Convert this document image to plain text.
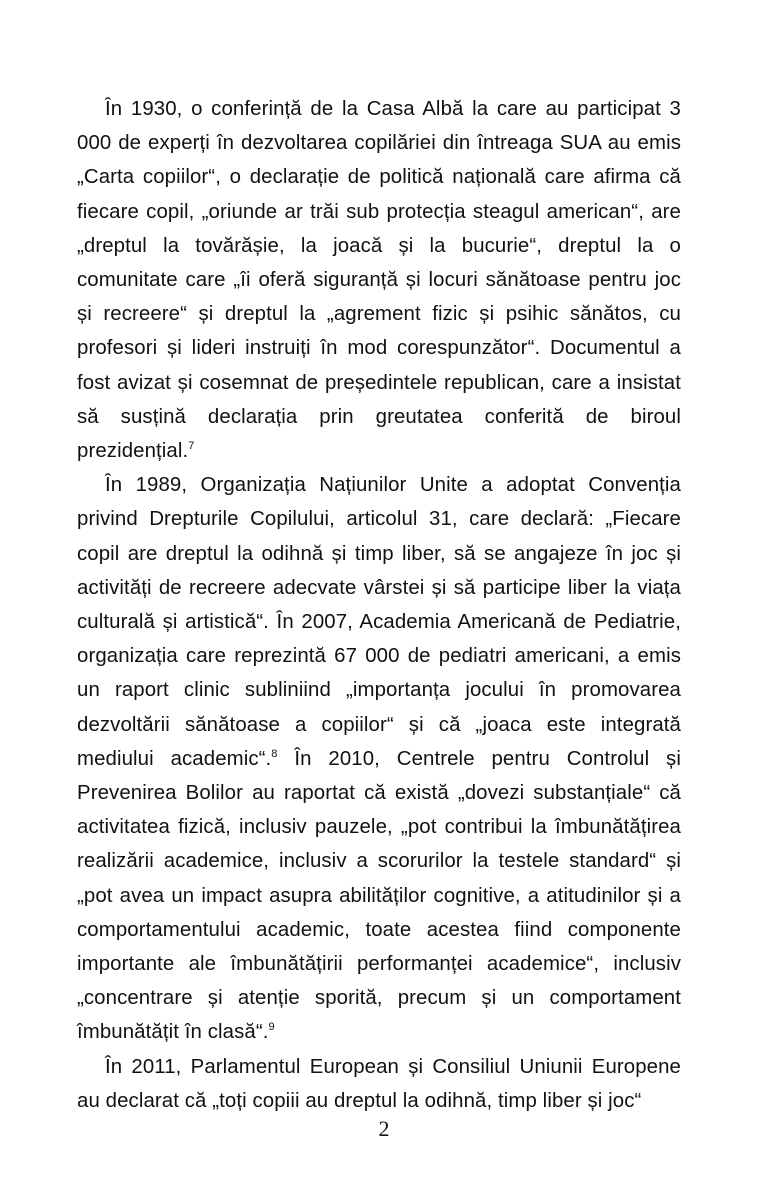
În 1930, o conferință de la Casa Albă la care au participat 3 000 de experți în dezvoltarea copilăriei din întreaga SUA au emis „Carta copiilor“, o declarație de politică națională care afirma că fiecare copil, „oriunde ar trăi sub protecția steagul american“, are „dreptul la tovărășie, la joacă și la bucurie“, dreptul la o comunitate care „îi oferă siguranță și locuri sănătoase pentru joc și recreere“ și dreptul la „agrement fizic și psihic sănătos, cu profesori și lideri instruiți în mod corespunzător“. Documentul a fost avizat și cosemnat de președintele republican, care a insistat să susțină declarația prin greutatea conferită de biroul prezidențial.$^7$

În 1989, Organizația Națiunilor Unite a adoptat Convenția privind Drepturile Copilului, articolul 31, care declară: „Fiecare copil are dreptul la odihnă și timp liber, să se angajeze în joc și activități de recreere adecvate vârstei și să participe liber la viața culturală și artistică“. În 2007, Academia Americană de Pediatrie, organizația care reprezintă 67 000 de pediatri americani, a emis un raport clinic subliniind „importanța jocului în promovarea dezvoltării sănătoase a copiilor“ și că „joaca este integrată mediului academic“.$^8$ În 2010, Centrele pentru Controlul și Prevenirea Bolilor au raportat că există „dovezi substanțiale“ că activitatea fizică, inclusiv pauzele, „pot contribui la îmbunătățirea realizării academice, inclusiv a scorurilor la testele standard“ și „pot avea un impact asupra abilităților cognitive, a atitudinilor și a comportamentului academic, toate acestea fiind componente importante ale îmbunătățirii performanței academice“, inclusiv „concentrare și atenție sporită, precum și un comportament îmbunătățit în clasă“.$^9$

În 2011, Parlamentul European și Consiliul Uniunii Europene au declarat că „toți copiii au dreptul la odihnă, timp liber și joc“

2
